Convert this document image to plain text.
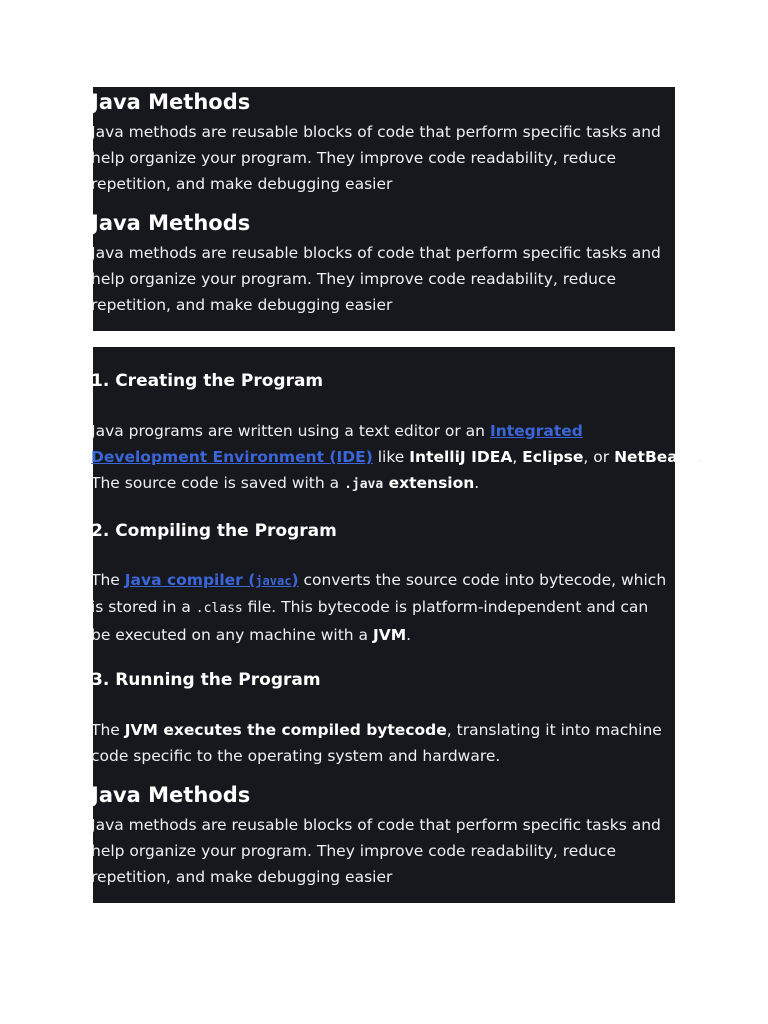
Java Methods

Java methods are reusable blocks of code that perform specific tasks and
help organize your program. They improve code readability, reduce
repetition, and make debugging easier

Java Methods

Java methods are reusable blocks of code that perform specific tasks and
help organize your program. They improve code readability, reduce
repetition, and make debugging easier

1. Creating the Program

Java programs are written using a text editor or an Integrated
Development Environment (IDE) like IntelliJ IDEA, Eclipse, or NetBeans.
The source code is saved with a .java extension.

2. Compiling the Program

The Java compiler (javac) converts the source code into bytecode, which
is stored in a .class file. This bytecode is platform-independent and can
be executed on any machine with a JVM.

3. Running the Program

The JVM executes the compiled bytecode, translating it into machine
code specific to the operating system and hardware.

Java Methods

Java methods are reusable blocks of code that perform specific tasks and
help organize your program. They improve code readability, reduce
repetition, and make debugging easier
